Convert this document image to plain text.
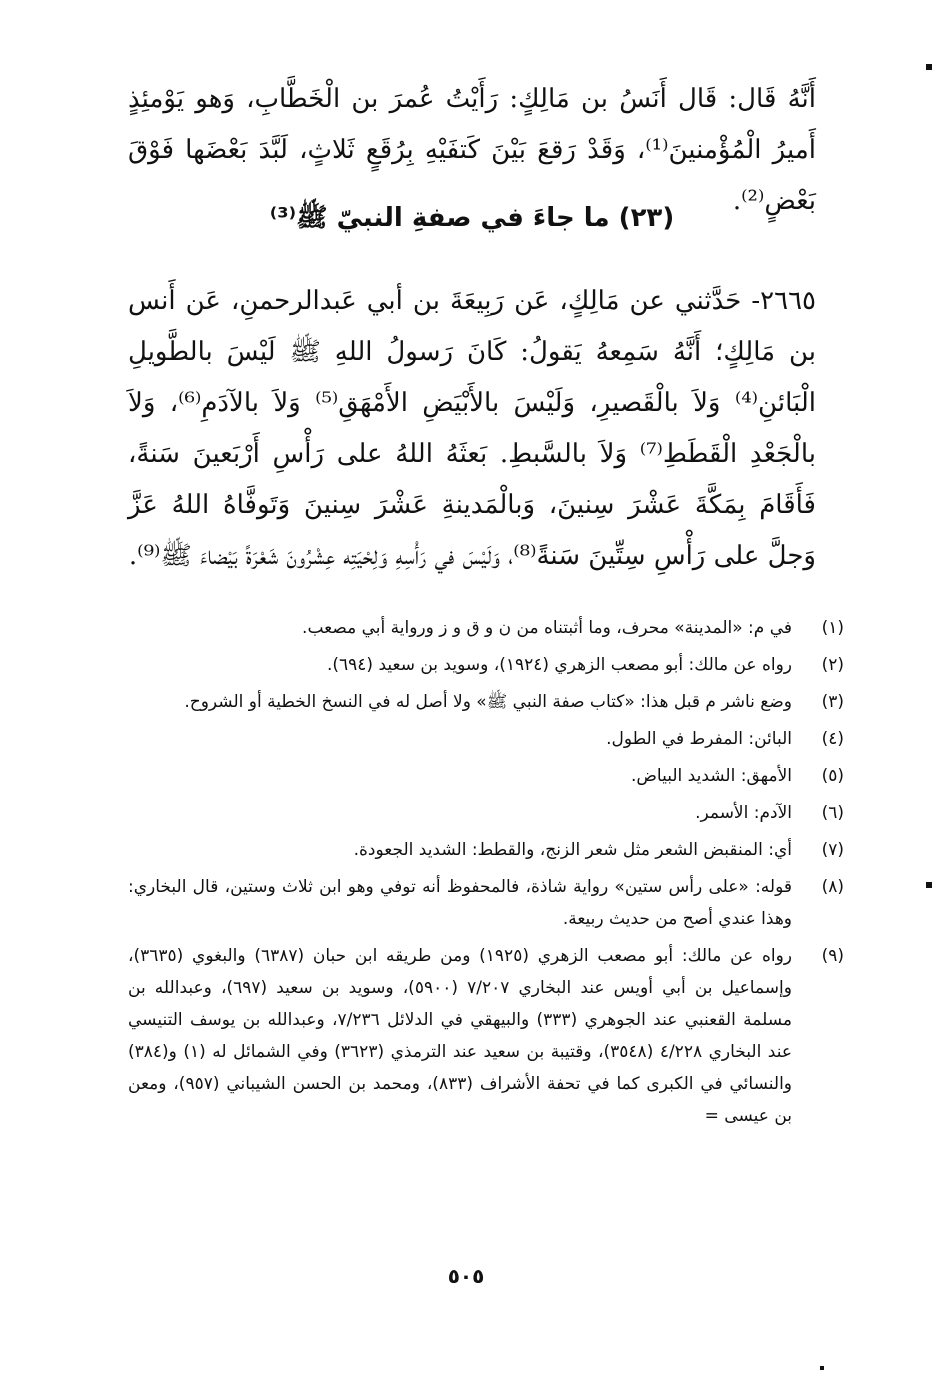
أَنَّهُ قَال: قَال أَنَسُ بن مَالِكٍ: رَأَيْتُ عُمرَ بن الْخَطَّابِ، وَهو يَوْمئِذٍ أَميرُ الْمُؤْمنينَ⁽¹⁾، وَقَدْ رَقعَ بَيْنَ كَتفَيْهِ بِرُقَعٍ ثَلاثٍ، لَبَّدَ بَعْضَها فَوْقَ بَعْضٍ⁽²⁾.

(٢٣) ما جاءَ في صفةِ النبيّ ﷺ⁽³⁾

٢٦٦٥- حَدَّثني عن مَالِكٍ، عَن رَبِيعَةَ بن أبي عَبدالرحمنِ، عَن أَنس بن مَالِكٍ؛ أَنَّهُ سَمِعهُ يَقولُ: كَانَ رَسولُ اللهِ ﷺ لَيْسَ بالطَّويلِ الْبَائنِ⁽⁴⁾ وَلاَ بالْقَصيرِ، وَلَيْسَ بالأَبْيَضِ الأَمْهَقِ⁽⁵⁾ وَلاَ بالآدَمِ⁽⁶⁾، وَلاَ بالْجَعْدِ الْقَطَطِ⁽⁷⁾ وَلاَ بالسَّبطِ. بَعثَهُ اللهُ على رَأْسِ أَرْبَعينَ سَنةً، فَأَقَامَ بِمَكَّةَ عَشْرَ سِنينَ، وَبالْمَدينةِ عَشْرَ سِنينَ وَتَوفَّاهُ اللهُ عَزَّ وَجلَّ على رَأْسِ سِتِّينَ سَنةً⁽⁸⁾، وَلَيْسَ في رَأْسِهِ وَلِحْيَتِه عِشْرُونَ شَعْرَةً بَيْضاءَ ﷺ⁽⁹⁾.

(١)
في م: «المدينة» محرف، وما أثبتناه من ن و ق و ز ورواية أبي مصعب.
(٢)
رواه عن مالك: أبو مصعب الزهري (١٩٢٤)، وسويد بن سعيد (٦٩٤).
(٣)
وضع ناشر م قبل هذا: «كتاب صفة النبي ﷺ» ولا أصل له في النسخ الخطية أو الشروح.
(٤)
البائن: المفرط في الطول.
(٥)
الأمهق: الشديد البياض.
(٦)
الآدم: الأسمر.
(٧)
أي: المنقبض الشعر مثل شعر الزنج، والقطط: الشديد الجعودة.
(٨)
قوله: «على رأس ستين» رواية شاذة، فالمحفوظ أنه توفي وهو ابن ثلاث وستين، قال البخاري: وهذا عندي أصح من حديث ربيعة.
(٩)
رواه عن مالك: أبو مصعب الزهري (١٩٢٥) ومن طريقه ابن حبان (٦٣٨٧) والبغوي (٣٦٣٥)، وإسماعيل بن أبي أويس عند البخاري ٧/٢٠٧ (٥٩٠٠)، وسويد بن سعيد (٦٩٧)، وعبدالله بن مسلمة القعنبي عند الجوهري (٣٣٣) والبيهقي في الدلائل ٧/٢٣٦، وعبدالله بن يوسف التنيسي عند البخاري ٤/٢٢٨ (٣٥٤٨)، وقتيبة بن سعيد عند الترمذي (٣٦٢٣) وفي الشمائل له (١) و(٣٨٤) والنسائي في الكبرى كما في تحفة الأشراف (٨٣٣)، ومحمد بن الحسن الشيباني (٩٥٧)، ومعن بن عيسى =
٥٠٥
